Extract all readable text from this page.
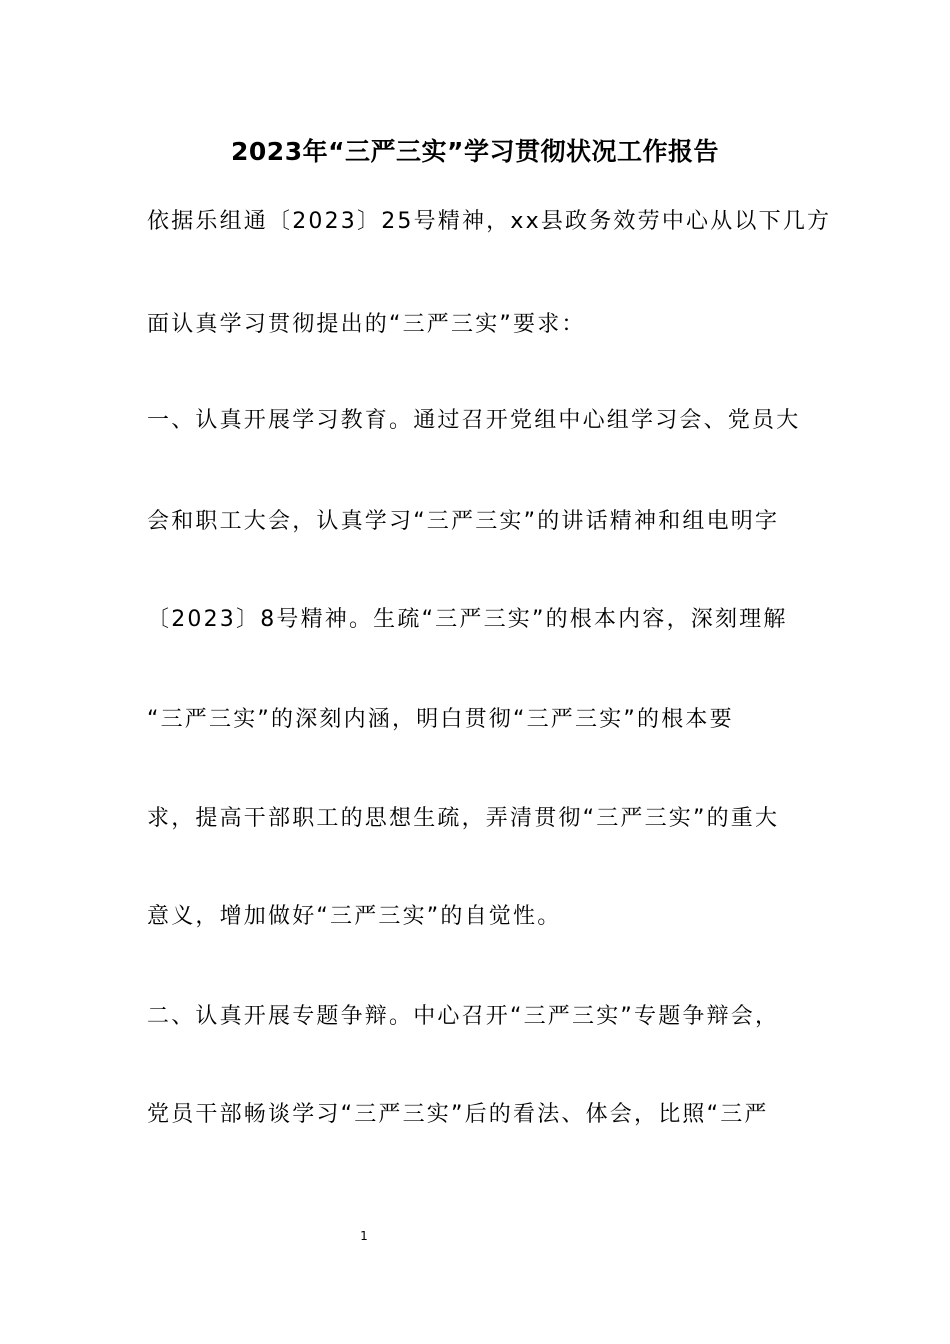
2023年“三严三实”学习贯彻状况工作报告
依据乐组通〔2023〕25号精神，xx县政务效劳中心从以下几方
面认真学习贯彻提出的“三严三实”要求：
一、认真开展学习教育。通过召开党组中心组学习会、党员大
会和职工大会，认真学习“三严三实”的讲话精神和组电明字
〔2023〕8号精神。生疏“三严三实”的根本内容，深刻理解
“三严三实”的深刻内涵，明白贯彻“三严三实”的根本要
求，提高干部职工的思想生疏，弄清贯彻“三严三实”的重大
意义，增加做好“三严三实”的自觉性。
二、认真开展专题争辩。中心召开“三严三实”专题争辩会，
党员干部畅谈学习“三严三实”后的看法、体会，比照“三严
1
